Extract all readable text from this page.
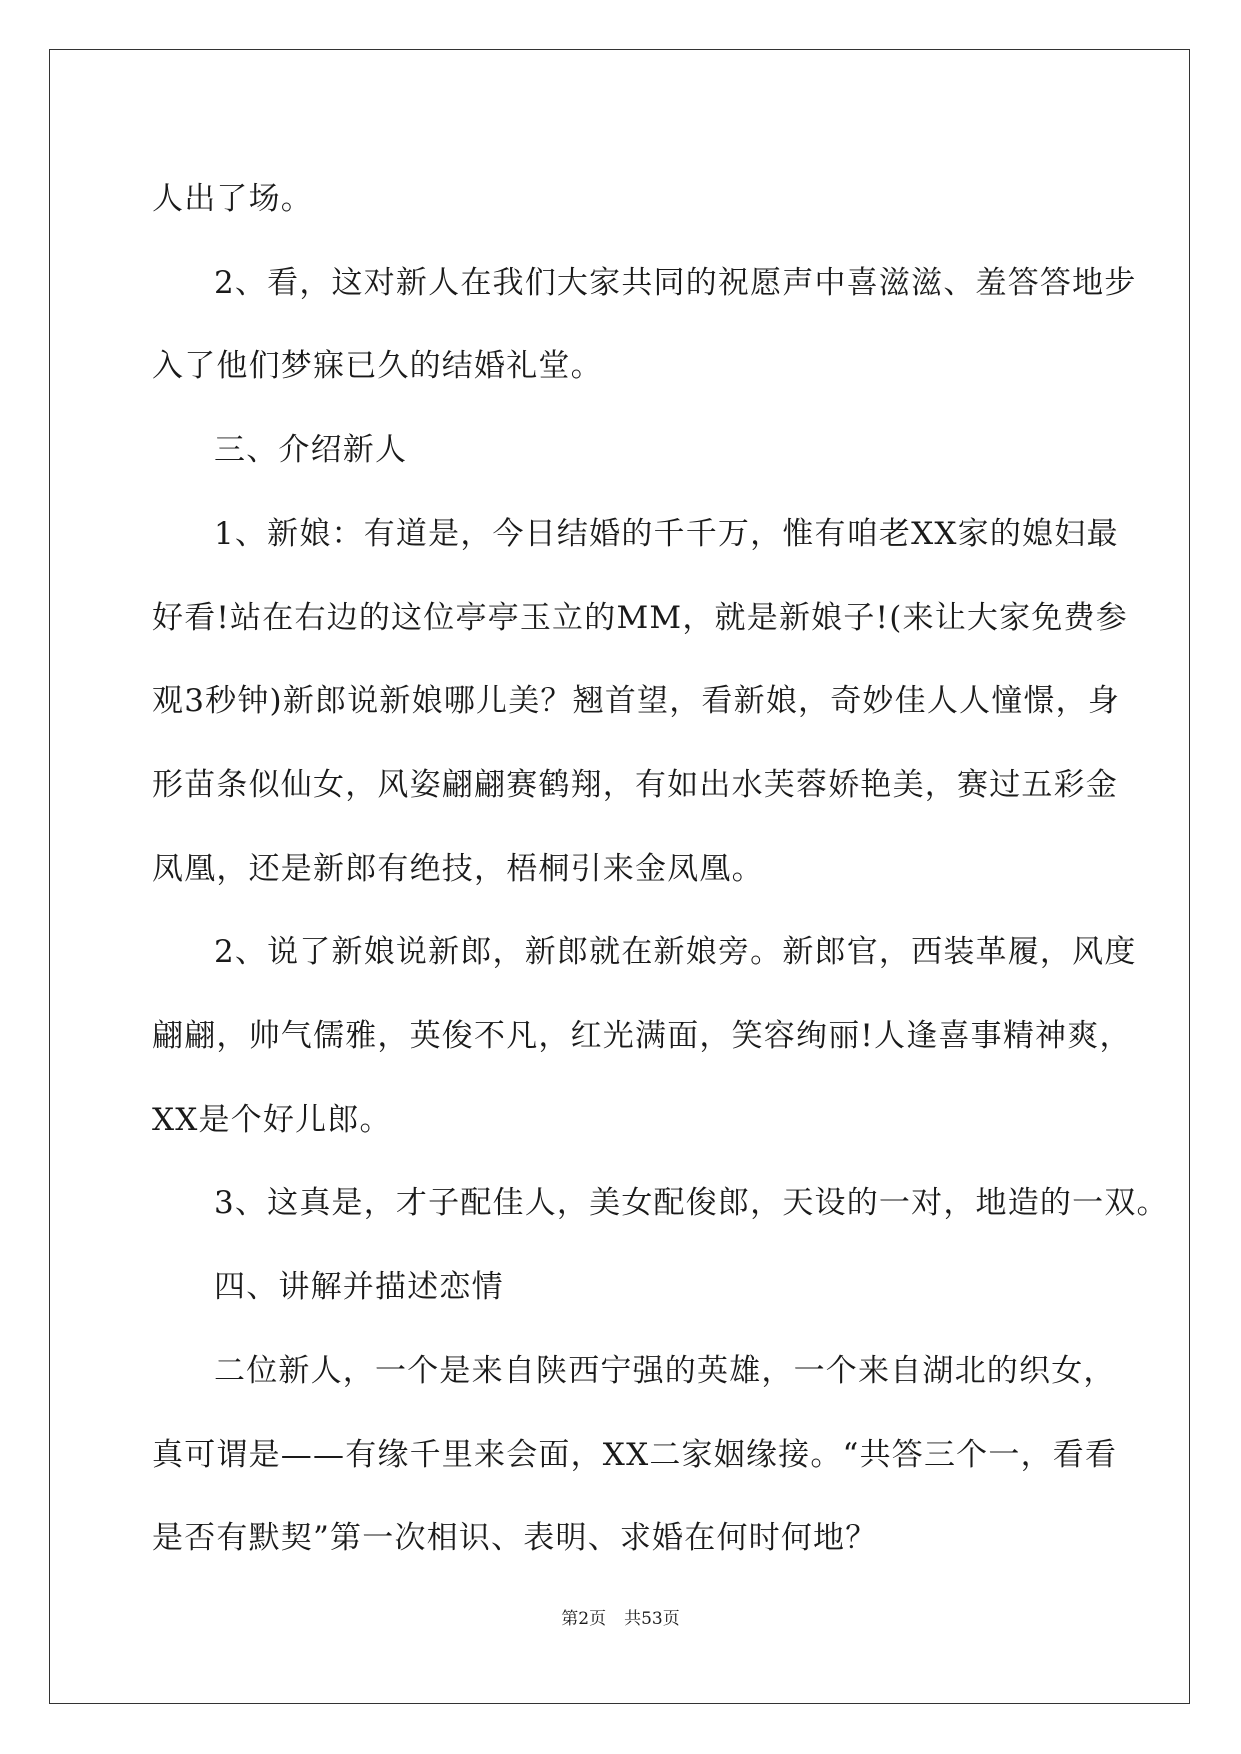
人出了场。

2、看，这对新人在我们大家共同的祝愿声中喜滋滋、羞答答地步

入了他们梦寐已久的结婚礼堂。

三、介绍新人

1、新娘：有道是，今日结婚的千千万，惟有咱老XX家的媳妇最

好看!站在右边的这位亭亭玉立的MM，就是新娘子!(来让大家免费参

观3秒钟)新郎说新娘哪儿美？翘首望，看新娘，奇妙佳人人憧憬，身

形苗条似仙女，风姿翩翩赛鹤翔，有如出水芙蓉娇艳美，赛过五彩金

凤凰，还是新郎有绝技，梧桐引来金凤凰。

2、说了新娘说新郎，新郎就在新娘旁。新郎官，西装革履，风度

翩翩，帅气儒雅，英俊不凡，红光满面，笑容绚丽!人逢喜事精神爽，

XX是个好儿郎。

3、这真是，才子配佳人，美女配俊郎，天设的一对，地造的一双。

四、讲解并描述恋情

二位新人，一个是来自陕西宁强的英雄，一个来自湖北的织女，

真可谓是——有缘千里来会面，XX二家姻缘接。“共答三个一，看看

是否有默契”第一次相识、表明、求婚在何时何地？

第2页 共53页
